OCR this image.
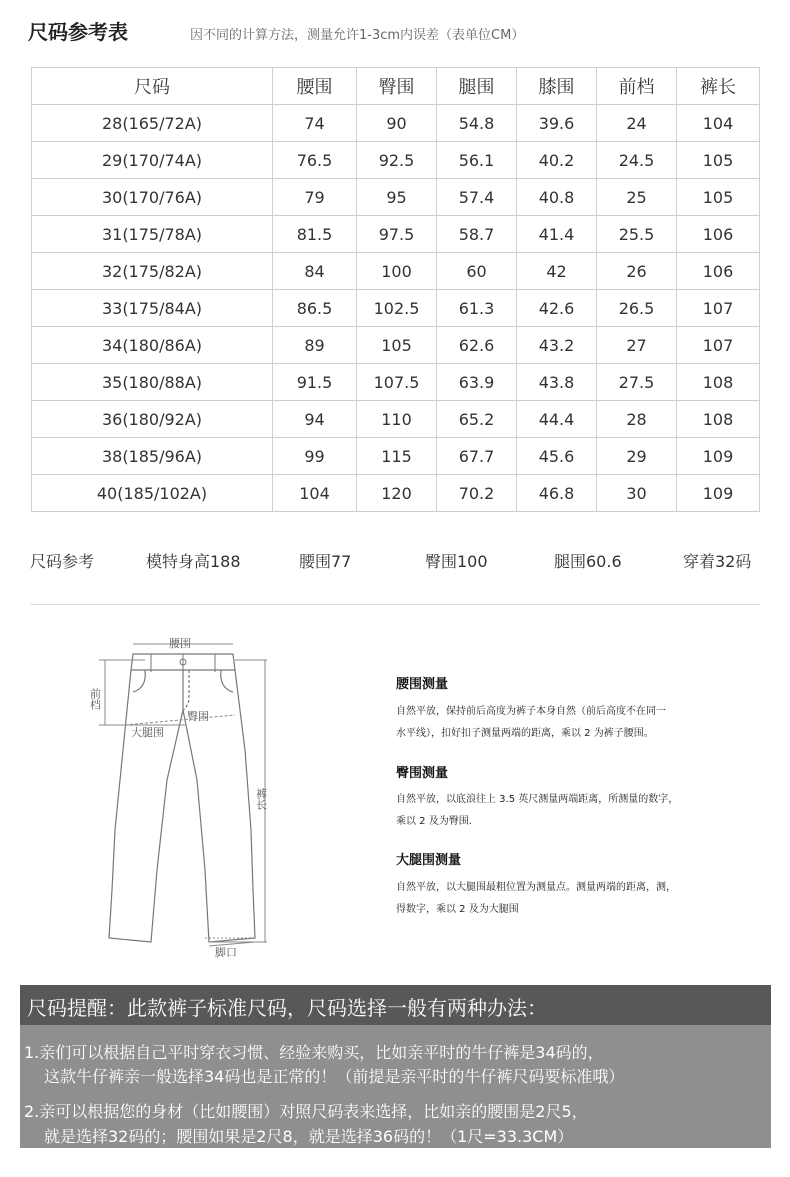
尺码参考表	因不同的计算方法，测量允许1-3cm内误差（表单位CM）
尺码	腰围	臀围	腿围	膝围	前档	裤长
28(165/72A)	74	90	54.8	39.6	24	104
29(170/74A)	76.5	92.5	56.1	40.2	24.5	105
30(170/76A)	79	95	57.4	40.8	25	105
31(175/78A)	81.5	97.5	58.7	41.4	25.5	106
32(175/82A)	84	100	60	42	26	106
33(175/84A)	86.5	102.5	61.3	42.6	26.5	107
34(180/86A)	89	105	62.6	43.2	27	107
35(180/88A)	91.5	107.5	63.9	43.8	27.5	108
36(180/92A)	94	110	65.2	44.4	28	108
38(185/96A)	99	115	67.7	45.6	29	109
40(185/102A)	104	120	70.2	46.8	30	109
尺码参考	模特身高188	腰围77	臀围100	腿围60.6	穿着32码
腰围
前档
臀围
大腿围
裤长
脚口
腰围测量
自然平放，保持前后高度为裤子本身自然（前后高度不在同一
水平线），扣好扣子测量两端的距离，乘以 2 为裤子腰围。
臀围测量
自然平放，以底浪往上 3.5 英尺测量两端距离，所测量的数字，
乘以 2 及为臀围.
大腿围测量
自然平放，以大腿围最粗位置为测量点。测量两端的距离，测，
得数字，乘以 2 及为大腿围
尺码提醒：此款裤子标准尺码，尺码选择一般有两种办法：
1.亲们可以根据自己平时穿衣习惯、经验来购买，比如亲平时的牛仔裤是34码的，
这款牛仔裤亲一般选择34码也是正常的！（前提是亲平时的牛仔裤尺码要标准哦）
2.亲可以根据您的身材（比如腰围）对照尺码表来选择，比如亲的腰围是2尺5，
就是选择32码的；腰围如果是2尺8，就是选择36码的！（1尺=33.3CM）
